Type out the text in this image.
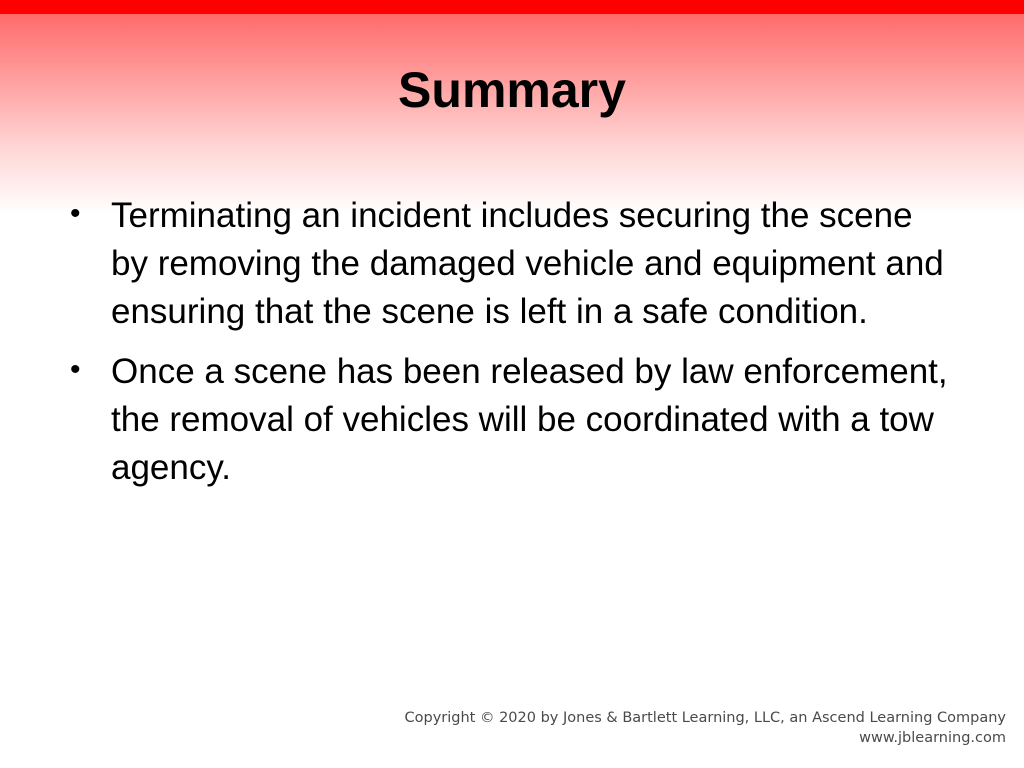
Summary
• Terminating an incident includes securing the scene by removing the damaged vehicle and equipment and ensuring that the scene is left in a safe condition.
• Once a scene has been released by law enforcement, the removal of vehicles will be coordinated with a tow agency.
Copyright © 2020 by Jones & Bartlett Learning, LLC, an Ascend Learning Company
www.jblearning.com
